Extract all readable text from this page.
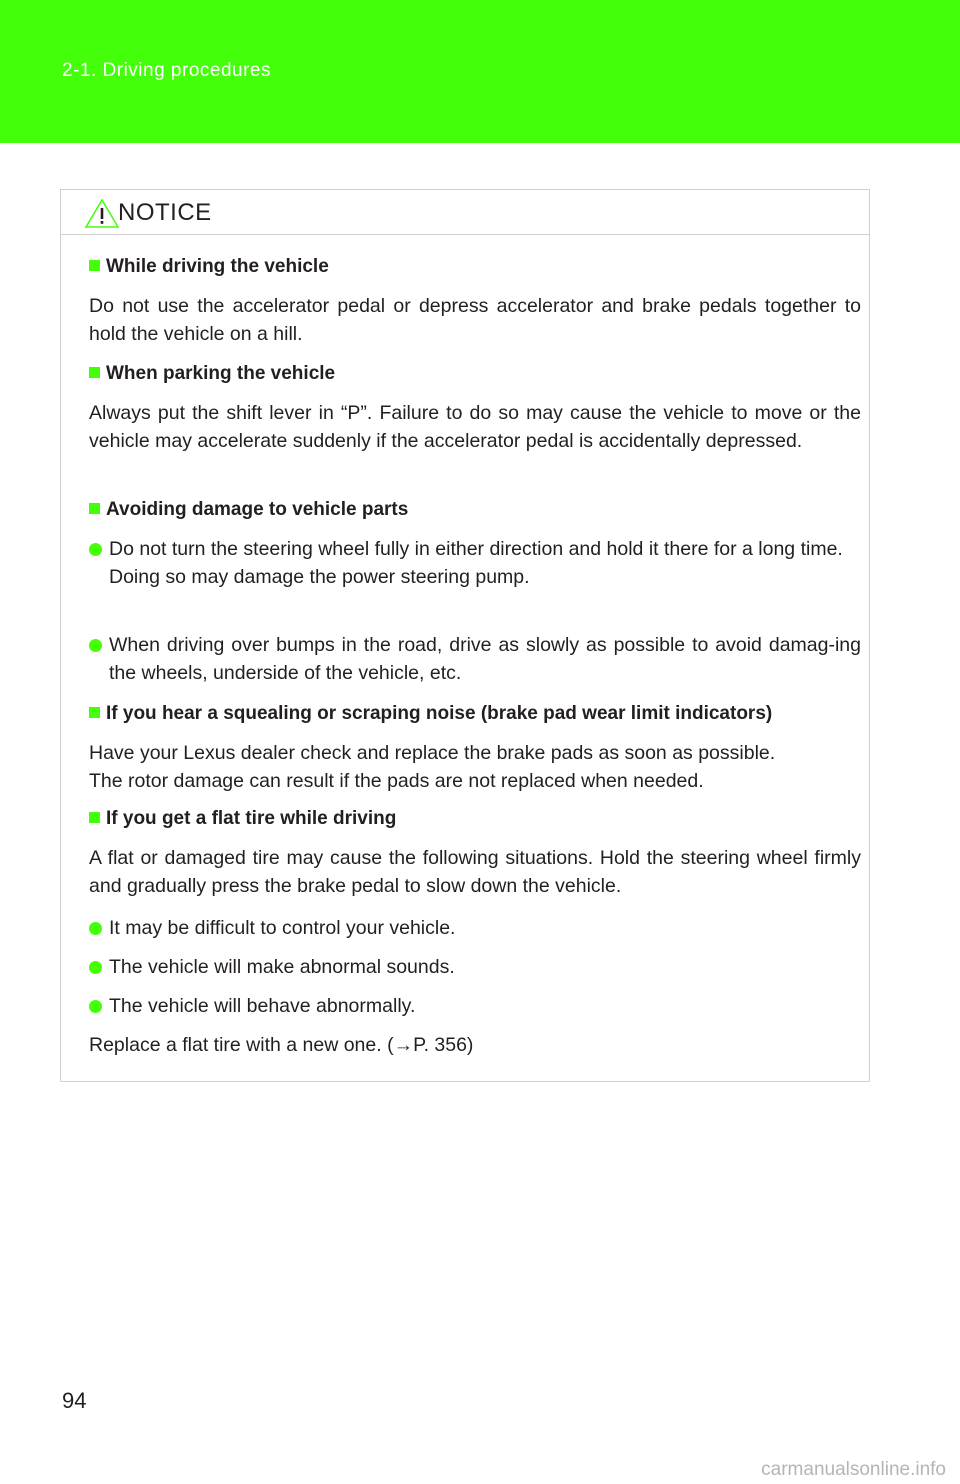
2-1. Driving procedures
NOTICE
While driving the vehicle
Do not use the accelerator pedal or depress accelerator and brake pedals together to hold the vehicle on a hill.
When parking the vehicle
Always put the shift lever in “P”. Failure to do so may cause the vehicle to move or the vehicle may accelerate suddenly if the accelerator pedal is accidentally depressed.
Avoiding damage to vehicle parts
Do not turn the steering wheel fully in either direction and hold it there for a long time.
Doing so may damage the power steering pump.
When driving over bumps in the road, drive as slowly as possible to avoid damag-ing the wheels, underside of the vehicle, etc.
If you hear a squealing or scraping noise (brake pad wear limit indicators)
Have your Lexus dealer check and replace the brake pads as soon as possible.
The rotor damage can result if the pads are not replaced when needed.
If you get a flat tire while driving
A flat or damaged tire may cause the following situations. Hold the steering wheel firmly and gradually press the brake pedal to slow down the vehicle.
It may be difficult to control your vehicle.
The vehicle will make abnormal sounds.
The vehicle will behave abnormally.
Replace a flat tire with a new one. (→P. 356)
94
carmanualsonline.info
